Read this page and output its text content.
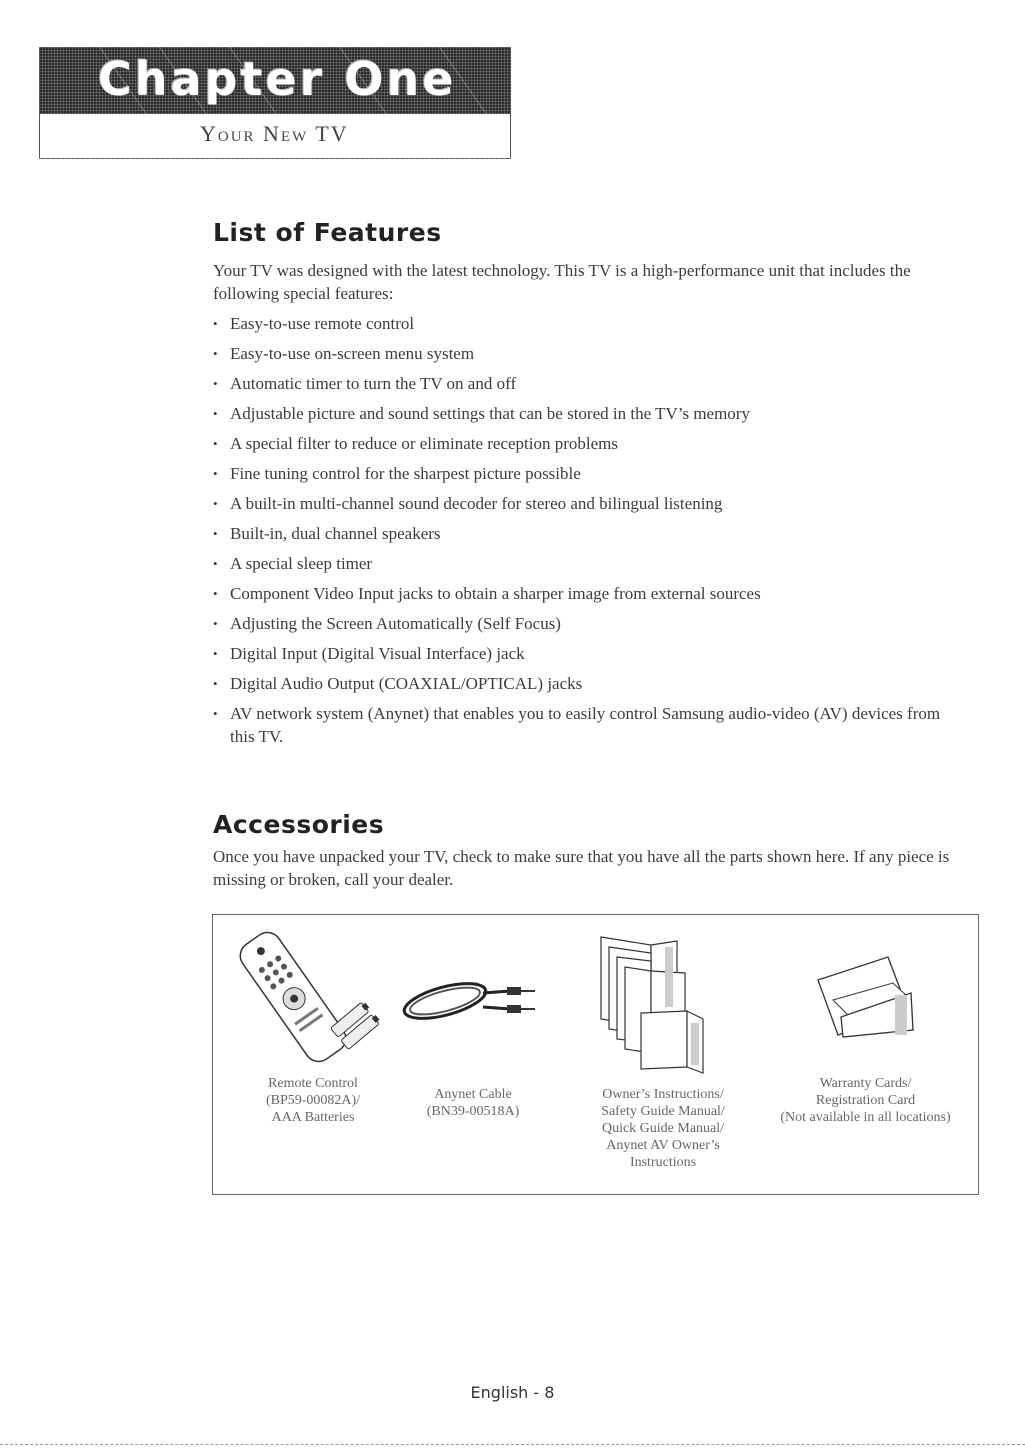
Chapter One

Your New TV

List of Features

Your TV was designed with the latest technology. This TV is a high-performance unit that includes the following special features:

• Easy-to-use remote control
• Easy-to-use on-screen menu system
• Automatic timer to turn the TV on and off
• Adjustable picture and sound settings that can be stored in the TV’s memory
• A special filter to reduce or eliminate reception problems
• Fine tuning control for the sharpest picture possible
• A built-in multi-channel sound decoder for stereo and bilingual listening
• Built-in, dual channel speakers
• A special sleep timer
• Component Video Input jacks to obtain a sharper image from external sources
• Adjusting the Screen Automatically (Self Focus)
• Digital Input (Digital Visual Interface) jack
• Digital Audio Output (COAXIAL/OPTICAL) jacks
• AV network system (Anynet) that enables you to easily control Samsung audio-video (AV) devices from this TV.
Accessories

Once you have unpacked your TV, check to make sure that you have all the parts shown here. If any piece is missing or broken, call your dealer.

Remote Control
(BP59-00082A)/
AAA Batteries
Anynet Cable
(BN39-00518A)
Owner’s Instructions/
Safety Guide Manual/
Quick Guide Manual/
Anynet AV Owner’s
Instructions
Warranty Cards/
Registration Card
(Not available in all locations)

English - 8
